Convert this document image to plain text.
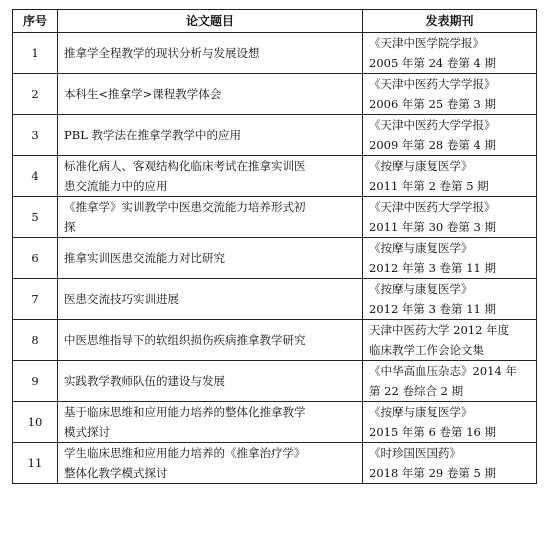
序号	论文题目	发表期刊
1	推拿学全程教学的现状分析与发展设想	《天津中医学院学报》
2005 年第 24 卷第 4 期

2	本科生<推拿学>课程教学体会	《天津中医药大学学报》
2006 年第 25 卷第 3 期

3	PBL 教学法在推拿学教学中的应用	《天津中医药大学学报》
2009 年第 28 卷第 4 期

4	标准化病人、客观结构化临床考试在推拿实训医
患交流能力中的应用	《按摩与康复医学》
2011 年第 2 卷第 5 期

5	《推拿学》实训教学中医患交流能力培养形式初
探	《天津中医药大学学报》
2011 年第 30 卷第 3 期

6	推拿实训医患交流能力对比研究	《按摩与康复医学》
2012 年第 3 卷第 11 期

7	医患交流技巧实训进展	《按摩与康复医学》
2012 年第 3 卷第 11 期

8	中医思维指导下的软组织损伤疾病推拿教学研究	天津中医药大学 2012 年度
临床教学工作会论文集

9	实践教学教师队伍的建设与发展	《中华高血压杂志》2014 年
第 22 卷综合 2 期

10	基于临床思维和应用能力培养的整体化推拿教学
模式探讨	《按摩与康复医学》
2015 年第 6 卷第 16 期

11	学生临床思维和应用能力培养的《推拿治疗学》
整体化教学模式探讨	《时珍国医国药》
2018 年第 29 卷第 5 期
